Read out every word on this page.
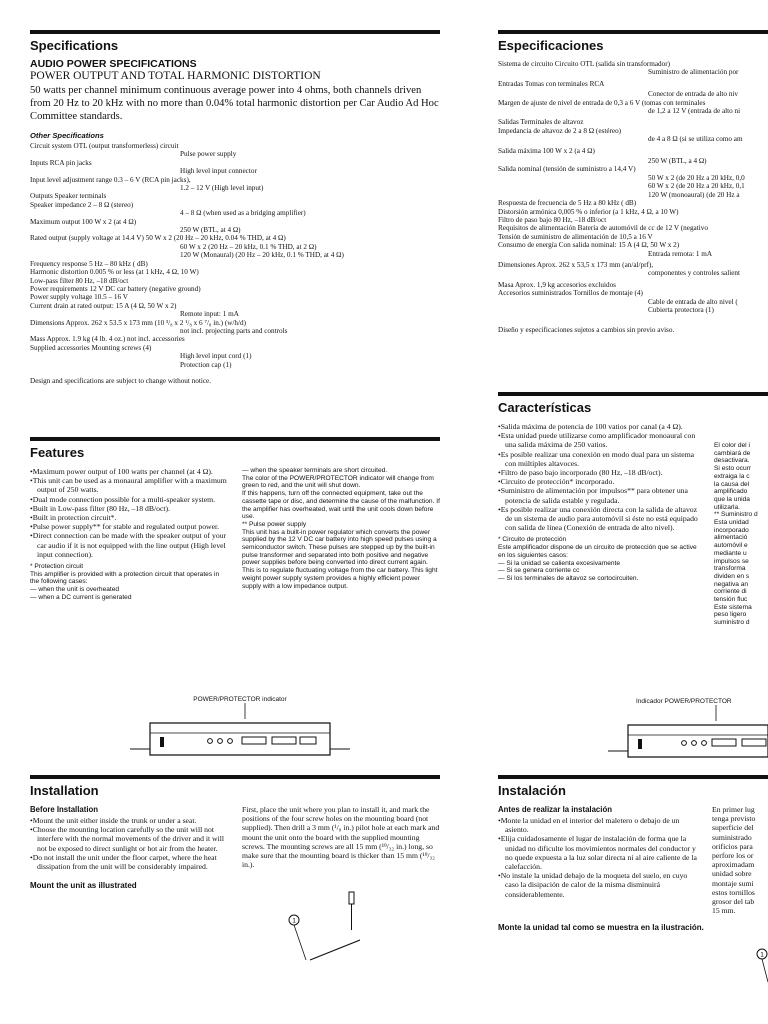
Specifications
AUDIO POWER SPECIFICATIONS
POWER OUTPUT AND TOTAL HARMONIC DISTORTION
50 watts per channel minimum continuous average power into 4 ohms, both channels driven from 20 Hz to 20 kHz with no more than 0.04% total harmonic distortion per Car Audio Ad Hoc Committee standards.
Other Specifications
Circuit system OTL (output transformerless) circuit
Pulse power supply
Inputs RCA pin jacks
High level input connector
Input level adjustment range 0.3 – 6 V (RCA pin jacks),
1.2 – 12 V (High level input)
Outputs Speaker terminals
Speaker impedance 2 – 8 Ω (stereo)
4 – 8 Ω (when used as a bridging amplifier)
Maximum output 100 W x 2 (at 4 Ω)
250 W (BTL, at 4 Ω)
Rated output (supply voltage at 14.4 V) 50 W x 2 (20 Hz – 20 kHz, 0.04 % THD, at 4 Ω)
60 W x 2 (20 Hz – 20 kHz, 0.1 % THD, at 2 Ω)
120 W (Monaural) (20 Hz – 20 kHz, 0.1 % THD, at 4 Ω)
Frequency response 5 Hz – 80 kHz ( dB)
Harmonic distortion 0.005 % or less (at 1 kHz, 4 Ω, 10 W)
Low-pass filter 80 Hz, –18 dB/oct
Power requirements 12 V DC car battery (negative ground)
Power supply voltage 10.5 – 16 V
Current drain at rated output: 15 A (4 Ω, 50 W x 2)
Remote input: 1 mA
Dimensions Approx. 262 x 53.5 x 173 mm (10 ³/₈ x 2 ¹/₈ x 6 ⁷/₈ in.) (w/h/d)
not incl. projecting parts and controls
Mass Approx. 1.9 kg (4 lb. 4 oz.) not incl. accessories
Supplied accessories Mounting screws (4)
High level input cord (1)
Protection cap (1)
Design and specifications are subject to change without notice.
Features

•Maximum power output of 100 watts per channel (at 4 Ω).

•This unit can be used as a monaural amplifier with a maximum output of 250 watts.

•Dual mode connection possible for a multi-speaker system.

•Built in Low-pass filter (80 Hz, –18 dB/oct).

•Built in protection circuit*.

•Pulse power supply** for stable and regulated output power.

•Direct connection can be made with the speaker output of your car audio if it is not equipped with the line output (High level input connection).

* Protection circuit
This amplifier is provided with a protection circuit that operates in the following cases:
— when the unit is overheated
— when a DC current is generated
— when the speaker terminals are short circuited.
The color of the POWER/PROTECTOR indicator will change from green to red, and the unit will shut down.
If this happens, turn off the connected equipment, take out the cassette tape or disc, and determine the cause of the malfunction. If the amplifier has overheated, wait until the unit cools down before use.
** Pulse power supply
This unit has a built-in power regulator which converts the power supplied by the 12 V DC car battery into high speed pulses using a semiconductor switch. These pulses are stepped up by the built-in pulse transformer and separated into both positive and negative power supplies before being converted into direct current again. This is to regulate fluctuating voltage from the car battery. This light weight power supply system provides a highly efficient power supply with a low impedance output.
POWER/PROTECTOR indicator
Installation
Before Installation

•Mount the unit either inside the trunk or under a seat.

•Choose the mounting location carefully so the unit will not interfere with the normal movements of the driver and it will not be exposed to direct sunlight or hot air from the heater.

•Do not install the unit under the floor carpet, where the heat dissipation from the unit will be considerably impaired.

First, place the unit where you plan to install it, and mark the positions of the four screw holes on the mounting board (not supplied). Then drill a 3 mm (¹/₈ in.) pilot hole at each mark and mount the unit onto the board with the supplied mounting screws. The mounting screws are all 15 mm (¹⁹/₃₂ in.) long, so make sure that the mounting board is thicker than 15 mm (¹⁹/₃₂ in.).
Mount the unit as illustrated
1
Especificaciones
Sistema de circuito Circuito OTL (salida sin transformador)
Suministro de alimentación por
Entradas Tomas con terminales RCA
Conector de entrada de alto niv
Margen de ajuste de nivel de entrada de 0,3 a 6 V (tomas con terminales
de 1,2 a 12 V (entrada de alto ni
Salidas Terminales de altavoz
Impedancia de altavoz de 2 a 8 Ω (estéreo)
de 4 a 8 Ω (si se utiliza como am
Salida máxima 100 W x 2 (a 4 Ω)
250 W (BTL, a 4 Ω)
Salida nominal (tensión de suministro a 14,4 V)
50 W x 2 (de 20 Hz a 20 kHz, 0,0
60 W x 2 (de 20 Hz a 20 kHz, 0,1
120 W (monoaural) (de 20 Hz a
Respuesta de frecuencia de 5 Hz a 80 kHz ( dB)
Distorsión armónica 0,005 % o inferior (a 1 kHz, 4 Ω, a 10 W)
Filtro de paso bajo 80 Hz, –18 dB/oct
Requisitos de alimentación Batería de automóvil de cc de 12 V (negativo
Tensión de suministro de alimentación de 10,5 a 16 V
Consumo de energía Con salida nominal: 15 A (4 Ω, 50 W x 2)
Entrada remota: 1 mA
Dimensiones Aprox. 262 x 53,5 x 173 mm (an/al/prf),
componentes y controles salient
Masa Aprox. 1,9 kg accesorios excluidos
Accesorios suministrados Tornillos de montaje (4)
Cable de entrada de alto nivel (
Cubierta protectora (1)
Diseño y especificaciones sujetos a cambios sin previo aviso.
Características

•Salida máxima de potencia de 100 vatios por canal (a 4 Ω).

•Esta unidad puede utilizarse como amplificador monoaural con una salida máxima de 250 vatios.

•Es posible realizar una conexión en modo dual para un sistema con múltiples altavoces.

•Filtro de paso bajo incorporado (80 Hz, –18 dB/oct).

•Circuito de protección* incorporado.

•Suministro de alimentación por impulsos** para obtener una potencia de salida estable y regulada.

•Es posible realizar una conexión directa con la salida de altavoz de un sistema de audio para automóvil si éste no está equipado con salida de línea (Conexión de entrada de alto nivel).

* Circuito de protección
Este amplificador dispone de un circuito de protección que se active en los siguientes casos:
— Si la unidad se calienta excesivamente
— Si se genera corriente cc
— Si los terminales de altavoz se cortocircuiten.
El color del i
cambiará de
desactivara.
Si esto ocurr
extraiga la c
la causa del
amplificado
que la unida
utilizarla.
** Suministro d
Esta unidad
incorporado
alimentació
automóvil e
mediante u
impulsos se
transforma
dividen en s
negativa an
corriente di
tensión fluc
Este sistema
peso ligero
suministro d
Indicador POWER/PROTECTOR
Instalación
Antes de realizar la instalación

•Monte la unidad en el interior del maletero o debajo de un asiento.

•Elija cuidadosamente el lugar de instalación de forma que la unidad no dificulte los movimientos normales del conductor y no quede expuesta a la luz solar directa ni al aire caliente de la calefacción.

•No instale la unidad debajo de la moqueta del suelo, en cuyo caso la disipación de calor de la misma disminuirá considerablemente.

En primer lug
tenga previsto
superficie del
suministrado
orificios para
perfore los or
aproximadam
unidad sobre
montaje sumi
estos tornillos
grosor del tab
15 mm.
Monte la unidad tal como se muestra en la ilustración.
1
